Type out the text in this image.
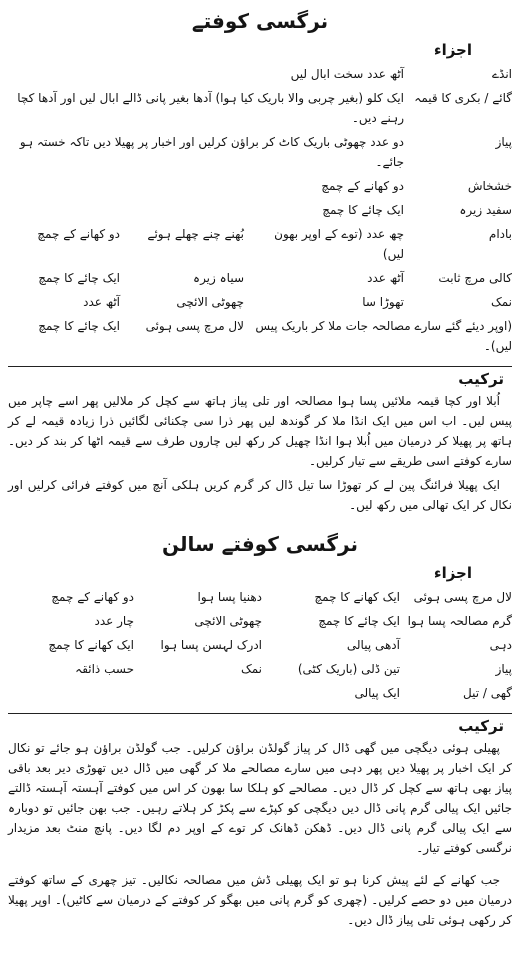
نرگسی کوفتے
اجزاء
انڈے
آٹھ عدد سخت ابال لیں
گائے / بکری کا قیمہ
ایک کلو (بغیر چربی والا باریک کیا ہوا) آدھا بغیر پانی ڈالے ابال لیں اور آدھا کچا رہنے دیں۔
پیاز
دو عدد چھوٹی باریک کاٹ کر براؤن کرلیں اور اخبار پر پھیلا دیں تاکہ خستہ ہو جائے۔
خشخاش
دو کھانے کے چمچ
سفید زیرہ
ایک چائے کا چمچ
بادام
چھ عدد (توے کے اوپر بھون لیں)
بُھنے چنے چھلے ہوئے
دو کھانے کے چمچ
کالی مرچ ثابت
آٹھ عدد
سیاہ زیرہ
ایک چائے کا چمچ
نمک
تھوڑا سا
چھوٹی الائچی
آٹھ عدد
(اوپر دیئے گئے سارے مصالحہ جات ملا کر باریک پیس لیں)۔
لال مرچ پسی ہوئی
ایک چائے کا چمچ
ترکیب

اُبلا اور کچا قیمہ ملائیں پسا ہوا مصالحہ اور تلی پیاز ہاتھ سے کچل کر ملالیں پھر اسے چاپر میں پیس لیں۔ اب اس میں ایک انڈا ملا کر گوندھ لیں پھر ذرا سی چکنائی لگائیں ذرا زیادہ قیمہ لے کر ہاتھ پر پھیلا کر درمیان میں اُبلا ہوا انڈا چھیل کر رکھ لیں چاروں طرف سے قیمہ اٹھا کر بند کر دیں۔ سارے کوفتے اسی طریقے سے تیار کرلیں۔

ایک پھیلا فرائنگ پین لے کر تھوڑا سا تیل ڈال کر گرم کریں ہلکی آنچ میں کوفتے فرائی کرلیں اور نکال کر ایک تھالی میں رکھ لیں۔

نرگسی کوفتے سالن
اجزاء
لال مرچ پسی ہوئی
ایک کھانے کا چمچ
دھنیا پسا ہوا
دو کھانے کے چمچ
گرم مصالحہ پسا ہوا
ایک چائے کا چمچ
چھوٹی الائچی
چار عدد
دہی
آدھی پیالی
ادرک لہسن پسا ہوا
ایک کھانے کا چمچ
پیاز
تین ڈلی (باریک کٹی)
نمک
حسب ذائقہ
گھی / تیل
ایک پیالی
ترکیب

پھیلی ہوئی دیگچی میں گھی ڈال کر پیاز گولڈن براؤن کرلیں۔ جب گولڈن براؤن ہو جائے تو نکال کر ایک اخبار پر پھیلا دیں پھر دہی میں سارے مصالحے ملا کر گھی میں ڈال دیں تھوڑی دیر بعد باقی پیاز بھی ہاتھ سے کچل کر ڈال دیں۔ مصالحے کو ہلکا سا بھون کر اس میں کوفتے آہستہ آہستہ ڈالتے جائیں ایک پیالی گرم پانی ڈال دیں دیگچی کو کپڑے سے پکڑ کر ہلاتے رہیں۔ جب بھن جائیں تو دوبارہ سے ایک پیالی گرم پانی ڈال دیں۔ ڈھکن ڈھانک کر توے کے اوپر دم لگا دیں۔ پانچ منٹ بعد مزیدار نرگسی کوفتے تیار۔

جب کھانے کے لئے پیش کرنا ہو تو ایک پھیلی ڈش میں مصالحہ نکالیں۔ تیز چھری کے ساتھ کوفتے درمیان میں دو حصے کرلیں۔ (چھری کو گرم پانی میں بھگو کر کوفتے کے درمیان سے کاٹیں)۔ اوپر پھیلا کر رکھی ہوئی تلی پیاز ڈال دیں۔
